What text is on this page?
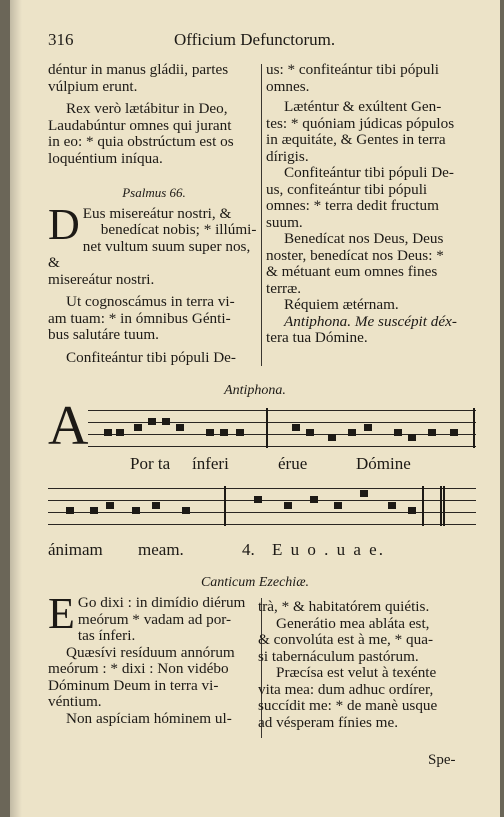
316	Officium Defunctorum.

déntur in manus gládii, partes

vúlpium erunt.

Rex verò lætábitur in Deo,

Laudabúntur omnes qui jurant

in eo: * quia obstrúctum est os

loquéntium iníqua.

Psalmus 66.

D Eus misereátur nostri, &

benedícat nobis; * illúmi-

net vultum suum super nos, &

misereátur nostri.

Ut cognoscámus in terra vi-

am tuam: * in ómnibus Génti-

bus salutáre tuum.

Confiteántur tibi pópuli De-

us: * confiteántur tibi pópuli

omnes.

Læténtur & exúltent Gen-

tes: * quóniam júdicas pópulos

in æquitáte, & Gentes in terra

dírigis.

Confiteántur tibi pópuli De-

us, confiteántur tibi pópuli

omnes: * terra dedit fructum

suum.

Benedícat nos Deus, Deus

noster, benedícat nos Deus: *

& métuant eum omnes fines

terræ.

Réquiem ætérnam.

Antiphona. Me suscépit déx-

tera tua Dómine.

Antiphona.
A
Por ta ínferi	érue	Dómine
ánimam meam.	4. E u o . u a e.
Canticum Ezechiæ.
E Go dixi : in dimídio diérum

meórum * vadam ad por-

tas ínferi.

Quæsívi resíduum annórum

meórum : * dixi : Non vidébo

Dóminum Deum in terra vi-

véntium.

Non aspíciam hóminem ul-

trà, * & habitatórem quiétis.

Generátio mea abláta est,

& convolúta est à me, * qua-

si tabernáculum pastórum.

Præcísa est velut à texénte

vita mea: dum adhuc ordírer,

succídit me: * de manè usque

ad vésperam fínies me.

Spe-
